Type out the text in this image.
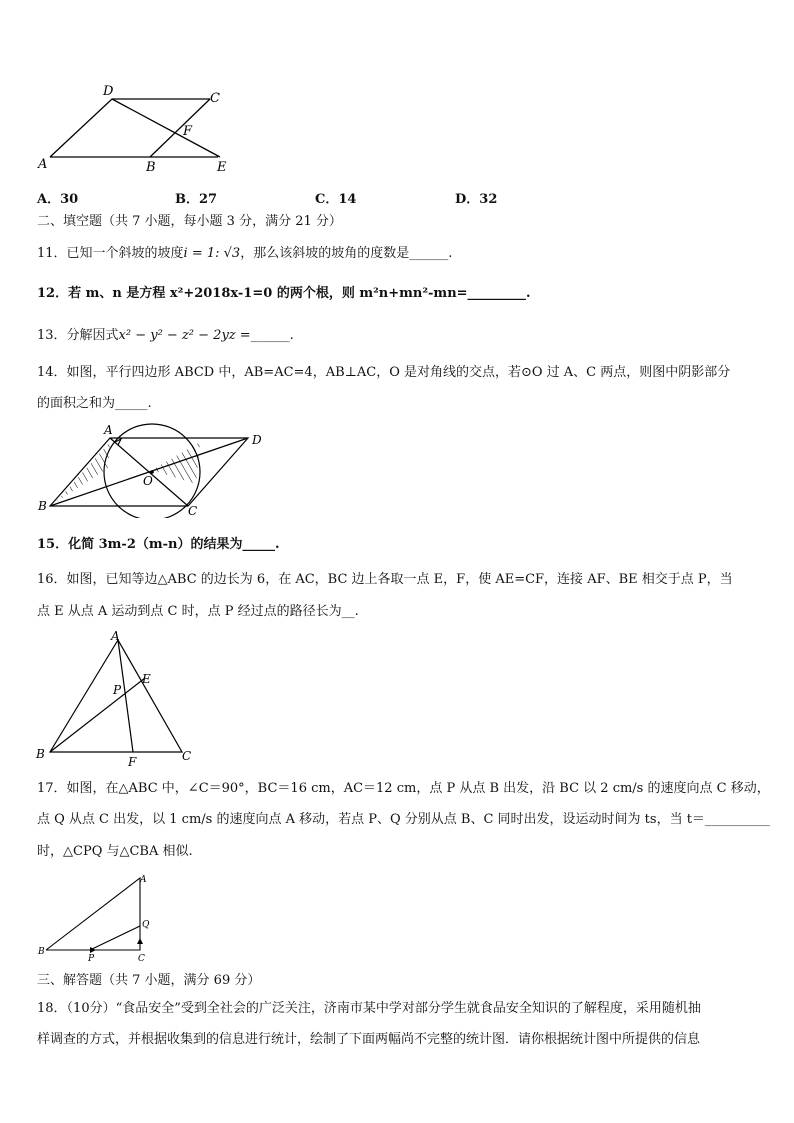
D	C
F
A	B	E
A．30	B．27	C．14	D．32
二、填空题（共 7 小题，每小题 3 分，满分 21 分）
11．已知一个斜坡的坡度i = 1: √3，那么该斜坡的坡角的度数是______.
12．若 m、n 是方程 x²+2018x-1=0 的两个根，则 m²n+mn²-mn=_________.
13．分解因式x² − y² − z² − 2yz =______.
14．如图，平行四边形 ABCD 中，AB=AC=4，AB⊥AC，O 是对角线的交点，若⊙O 过 A、C 两点，则图中阴影部分
的面积之和为_____.
A
D
O
B	C
15．化简 3m-2（m-n）的结果为_____.
16．如图，已知等边△ABC 的边长为 6，在 AC，BC 边上各取一点 E，F，使 AE=CF，连接 AF、BE 相交于点 P，当
点 E 从点 A 运动到点 C 时，点 P 经过点的路径长为__.
A
E
P
B
F	C
17．如图，在△ABC 中，∠C＝90°，BC＝16 cm，AC＝12 cm，点 P 从点 B 出发，沿 BC 以 2 cm/s 的速度向点 C 移动，
点 Q 从点 C 出发，以 1 cm/s 的速度向点 A 移动，若点 P、Q 分别从点 B、C 同时出发，设运动时间为 ts，当 t＝__________
时，△CPQ 与△CBA 相似.
A
Q
B
P	C
三、解答题（共 7 小题，满分 69 分）
18．（10分）“食品安全”受到全社会的广泛关注，济南市某中学对部分学生就食品安全知识的了解程度，采用随机抽
样调查的方式，并根据收集到的信息进行统计，绘制了下面两幅尚不完整的统计图．请你根据统计图中所提供的信息
